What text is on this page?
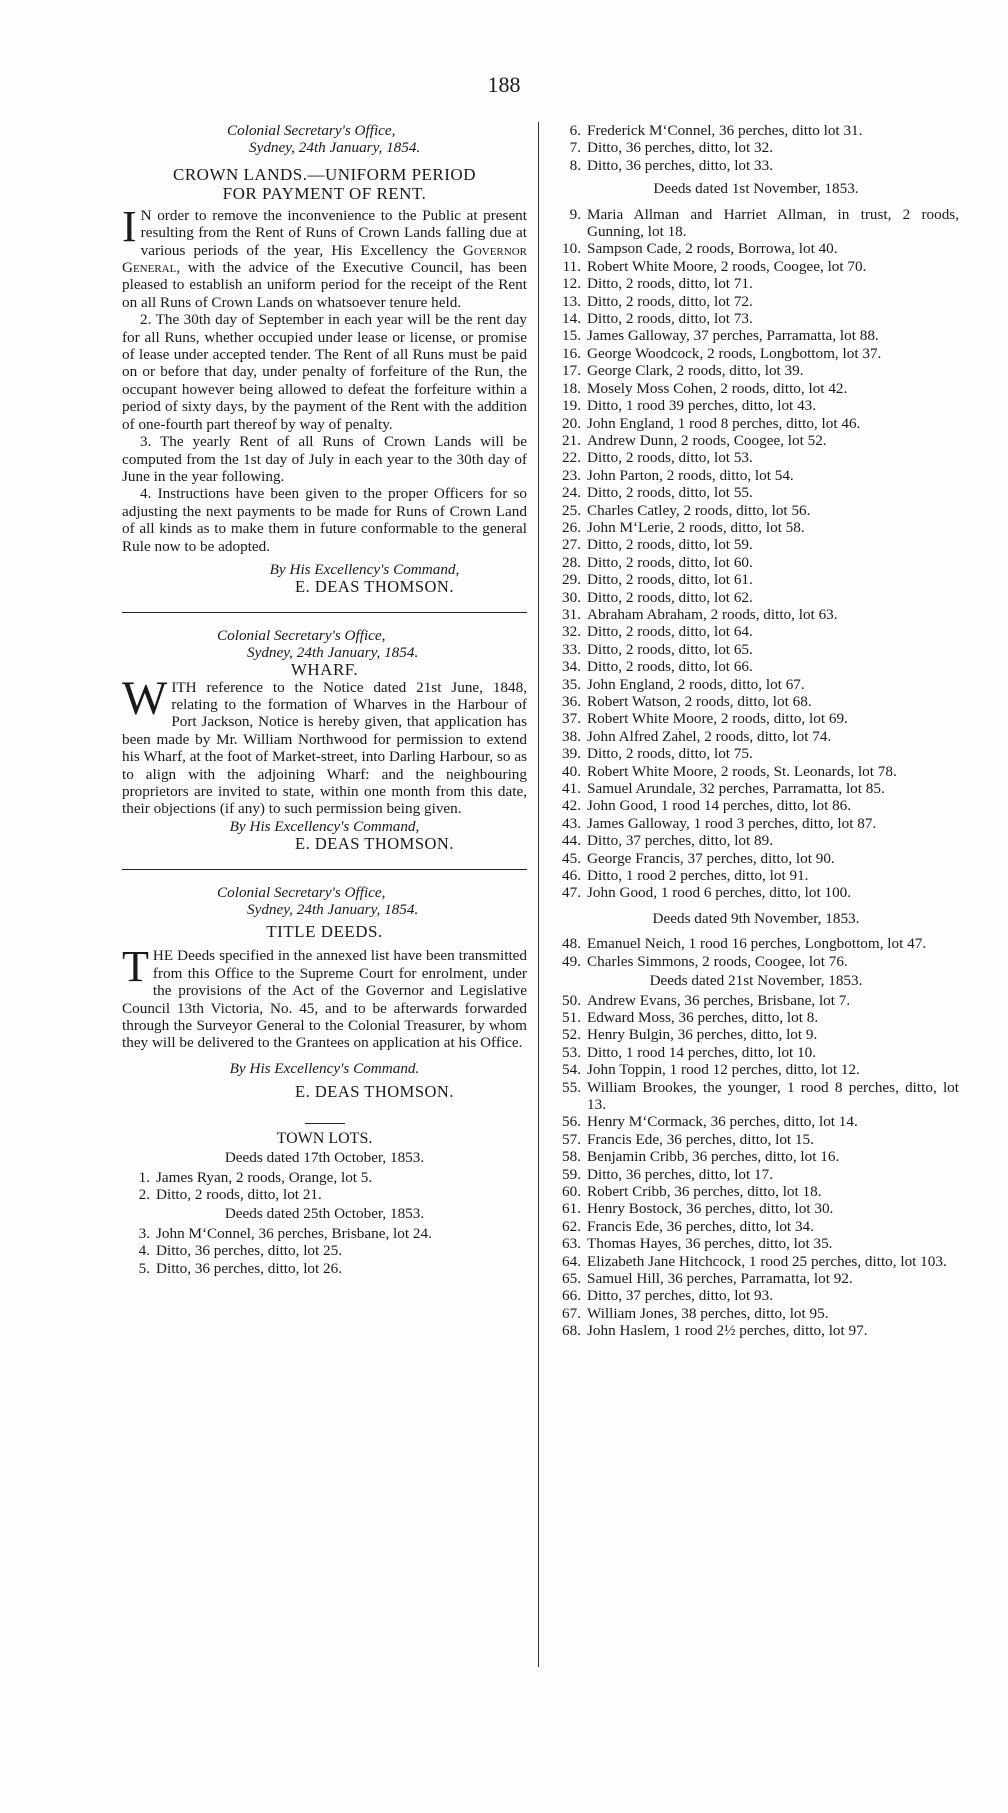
188
Colonial Secretary's Office,
Sydney, 24th January, 1854.
CROWN LANDS.—UNIFORM PERIOD
FOR PAYMENT OF RENT.

I N order to remove the inconvenience to the Public at present resulting from the Rent of Runs of Crown Lands falling due at various periods of the year, His Excellency the Governor General, with the advice of the Executive Council, has been pleased to establish an uniform period for the receipt of the Rent on all Runs of Crown Lands on whatsoever tenure held.

2. The 30th day of September in each year will be the rent day for all Runs, whether occupied under lease or license, or promise of lease under accepted tender. The Rent of all Runs must be paid on or before that day, under penalty of forfeiture of the Run, the occupant however being allowed to defeat the forfeiture within a period of sixty days, by the payment of the Rent with the addition of one-fourth part thereof by way of penalty.

3. The yearly Rent of all Runs of Crown Lands will be computed from the 1st day of July in each year to the 30th day of June in the year following.

4. Instructions have been given to the proper Officers for so adjusting the next payments to be made for Runs of Crown Land of all kinds as to make them in future conformable to the general Rule now to be adopted.

By His Excellency's Command,
E. DEAS THOMSON.
Colonial Secretary's Office,
Sydney, 24th January, 1854.
WHARF.

WITH reference to the Notice dated 21st June, 1848, relating to the formation of Wharves in the Harbour of Port Jackson, Notice is hereby given, that application has been made by Mr. William Northwood for permission to extend his Wharf, at the foot of Market-street, into Darling Harbour, so as to align with the adjoining Wharf: and the neighbouring proprietors are invited to state, within one month from this date, their objections (if any) to such permission being given.

By His Excellency's Command,
E. DEAS THOMSON.
Colonial Secretary's Office,
Sydney, 24th January, 1854.
TITLE DEEDS.

THE Deeds specified in the annexed list have been transmitted from this Office to the Supreme Court for enrolment, under the provisions of the Act of the Governor and Legislative Council 13th Victoria, No. 45, and to be afterwards forwarded through the Surveyor General to the Colonial Treasurer, by whom they will be delivered to the Grantees on application at his Office.

By His Excellency's Command.
E. DEAS THOMSON.
TOWN LOTS.
Deeds dated 17th October, 1853.
1. James Ryan, 2 roods, Orange, lot 5.
2. Ditto, 2 roods, ditto, lot 21.
Deeds dated 25th October, 1853.
3. John M‘Connel, 36 perches, Brisbane, lot 24.
4. Ditto, 36 perches, ditto, lot 25.
5. Ditto, 36 perches, ditto, lot 26.
6. Frederick M‘Connel, 36 perches, ditto lot 31.
7. Ditto, 36 perches, ditto, lot 32.
8. Ditto, 36 perches, ditto, lot 33.
Deeds dated 1st November, 1853.
9. Maria Allman and Harriet Allman, in trust, 2 roods, Gunning, lot 18.
10. Sampson Cade, 2 roods, Borrowa, lot 40.
11. Robert White Moore, 2 roods, Coogee, lot 70.
12. Ditto, 2 roods, ditto, lot 71.
13. Ditto, 2 roods, ditto, lot 72.
14. Ditto, 2 roods, ditto, lot 73.
15. James Galloway, 37 perches, Parramatta, lot 88.
16. George Woodcock, 2 roods, Longbottom, lot 37.
17. George Clark, 2 roods, ditto, lot 39.
18. Mosely Moss Cohen, 2 roods, ditto, lot 42.
19. Ditto, 1 rood 39 perches, ditto, lot 43.
20. John England, 1 rood 8 perches, ditto, lot 46.
21. Andrew Dunn, 2 roods, Coogee, lot 52.
22. Ditto, 2 roods, ditto, lot 53.
23. John Parton, 2 roods, ditto, lot 54.
24. Ditto, 2 roods, ditto, lot 55.
25. Charles Catley, 2 roods, ditto, lot 56.
26. John M‘Lerie, 2 roods, ditto, lot 58.
27. Ditto, 2 roods, ditto, lot 59.
28. Ditto, 2 roods, ditto, lot 60.
29. Ditto, 2 roods, ditto, lot 61.
30. Ditto, 2 roods, ditto, lot 62.
31. Abraham Abraham, 2 roods, ditto, lot 63.
32. Ditto, 2 roods, ditto, lot 64.
33. Ditto, 2 roods, ditto, lot 65.
34. Ditto, 2 roods, ditto, lot 66.
35. John England, 2 roods, ditto, lot 67.
36. Robert Watson, 2 roods, ditto, lot 68.
37. Robert White Moore, 2 roods, ditto, lot 69.
38. John Alfred Zahel, 2 roods, ditto, lot 74.
39. Ditto, 2 roods, ditto, lot 75.
40. Robert White Moore, 2 roods, St. Leonards, lot 78.
41. Samuel Arundale, 32 perches, Parramatta, lot 85.
42. John Good, 1 rood 14 perches, ditto, lot 86.
43. James Galloway, 1 rood 3 perches, ditto, lot 87.
44. Ditto, 37 perches, ditto, lot 89.
45. George Francis, 37 perches, ditto, lot 90.
46. Ditto, 1 rood 2 perches, ditto, lot 91.
47. John Good, 1 rood 6 perches, ditto, lot 100.
Deeds dated 9th November, 1853.
48. Emanuel Neich, 1 rood 16 perches, Longbottom, lot 47.
49. Charles Simmons, 2 roods, Coogee, lot 76.
Deeds dated 21st November, 1853.
50. Andrew Evans, 36 perches, Brisbane, lot 7.
51. Edward Moss, 36 perches, ditto, lot 8.
52. Henry Bulgin, 36 perches, ditto, lot 9.
53. Ditto, 1 rood 14 perches, ditto, lot 10.
54. John Toppin, 1 rood 12 perches, ditto, lot 12.
55. William Brookes, the younger, 1 rood 8 perches, ditto, lot 13.
56. Henry M‘Cormack, 36 perches, ditto, lot 14.
57. Francis Ede, 36 perches, ditto, lot 15.
58. Benjamin Cribb, 36 perches, ditto, lot 16.
59. Ditto, 36 perches, ditto, lot 17.
60. Robert Cribb, 36 perches, ditto, lot 18.
61. Henry Bostock, 36 perches, ditto, lot 30.
62. Francis Ede, 36 perches, ditto, lot 34.
63. Thomas Hayes, 36 perches, ditto, lot 35.
64. Elizabeth Jane Hitchcock, 1 rood 25 perches, ditto, lot 103.
65. Samuel Hill, 36 perches, Parramatta, lot 92.
66. Ditto, 37 perches, ditto, lot 93.
67. William Jones, 38 perches, ditto, lot 95.
68. John Haslem, 1 rood 2½ perches, ditto, lot 97.
